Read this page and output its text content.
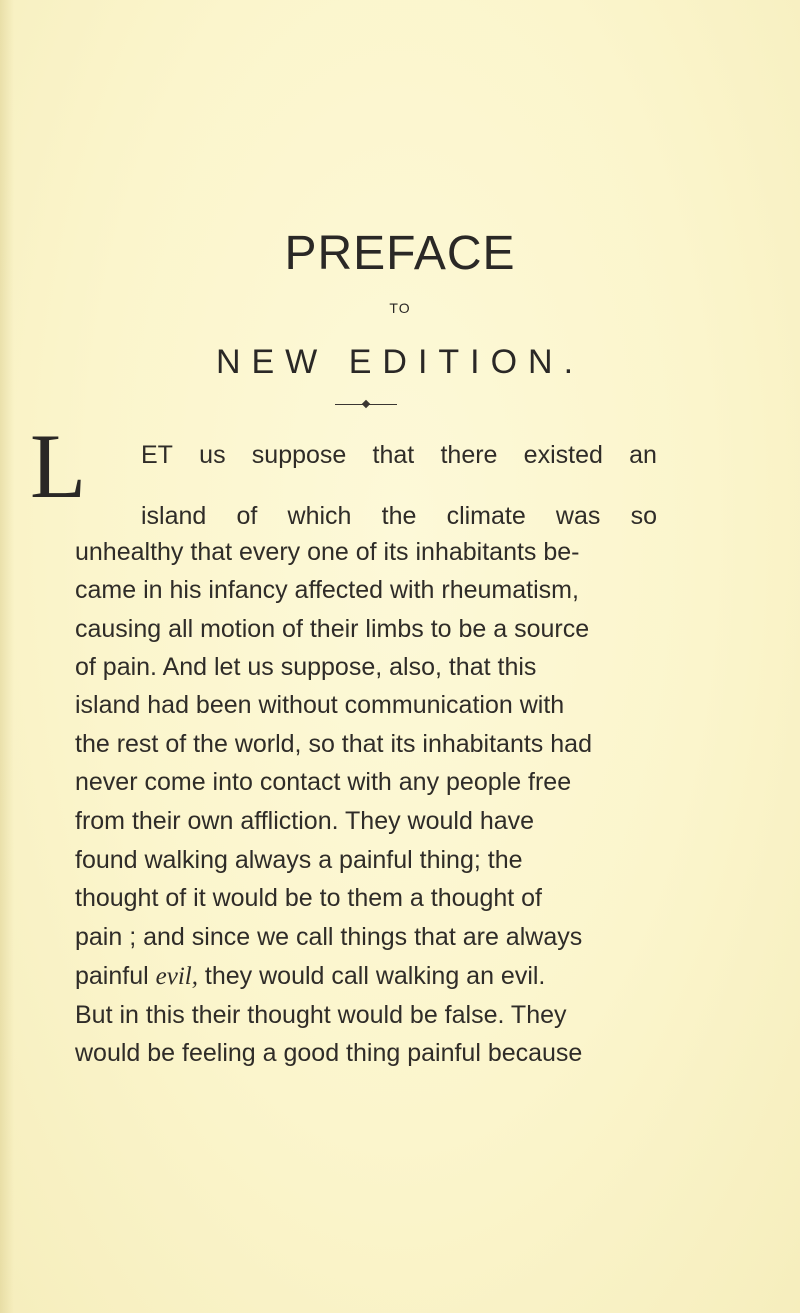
PREFACE
TO
NEW EDITION.
L ET us suppose that there existed an
island of which the climate was so
unhealthy that every one of its inhabitants be-
came in his infancy affected with rheumatism,
causing all motion of their limbs to be a source
of pain. And let us suppose, also, that this
island had been without communication with
the rest of the world, so that its inhabitants had
never come into contact with any people free
from their own affliction. They would have
found walking always a painful thing; the
thought of it would be to them a thought of
pain ; and since we call things that are always
painful evil, they would call walking an evil.
But in this their thought would be false. They
would be feeling a good thing painful because
